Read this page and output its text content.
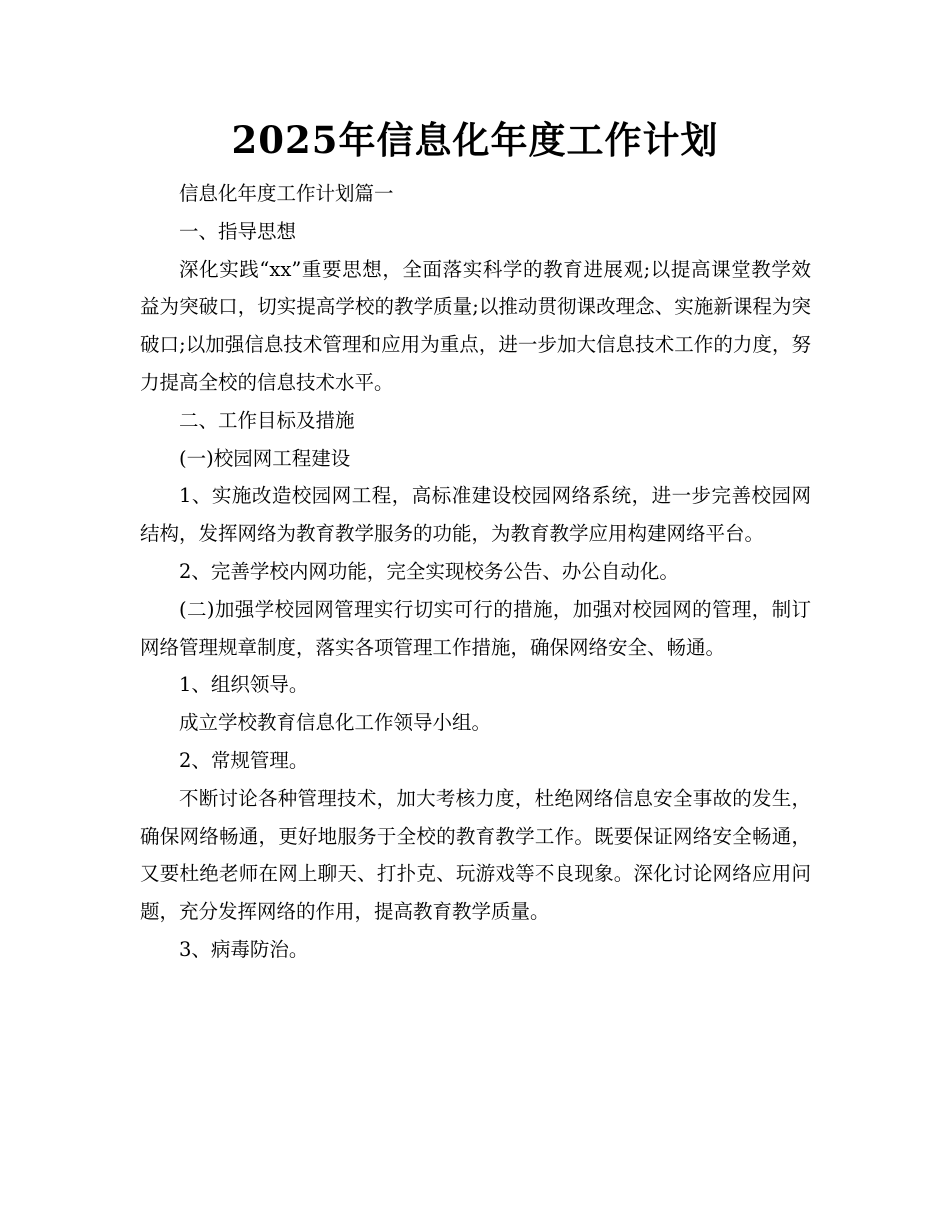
2025年信息化年度工作计划

信息化年度工作计划篇一

一、指导思想

深化实践“xx”重要思想，全面落实科学的教育进展观;以提高课堂教学效益为突破口，切实提高学校的教学质量;以推动贯彻课改理念、实施新课程为突破口;以加强信息技术管理和应用为重点，进一步加大信息技术工作的力度，努力提高全校的信息技术水平。

二、工作目标及措施

(一)校园网工程建设

1、实施改造校园网工程，高标准建设校园网络系统，进一步完善校园网结构，发挥网络为教育教学服务的功能，为教育教学应用构建网络平台。

2、完善学校内网功能，完全实现校务公告、办公自动化。

(二)加强学校园网管理实行切实可行的措施，加强对校园网的管理，制订网络管理规章制度，落实各项管理工作措施，确保网络安全、畅通。

1、组织领导。

成立学校教育信息化工作领导小组。

2、常规管理。

不断讨论各种管理技术，加大考核力度，杜绝网络信息安全事故的发生，确保网络畅通，更好地服务于全校的教育教学工作。既要保证网络安全畅通，又要杜绝老师在网上聊天、打扑克、玩游戏等不良现象。深化讨论网络应用问题，充分发挥网络的作用，提高教育教学质量。

3、病毒防治。
